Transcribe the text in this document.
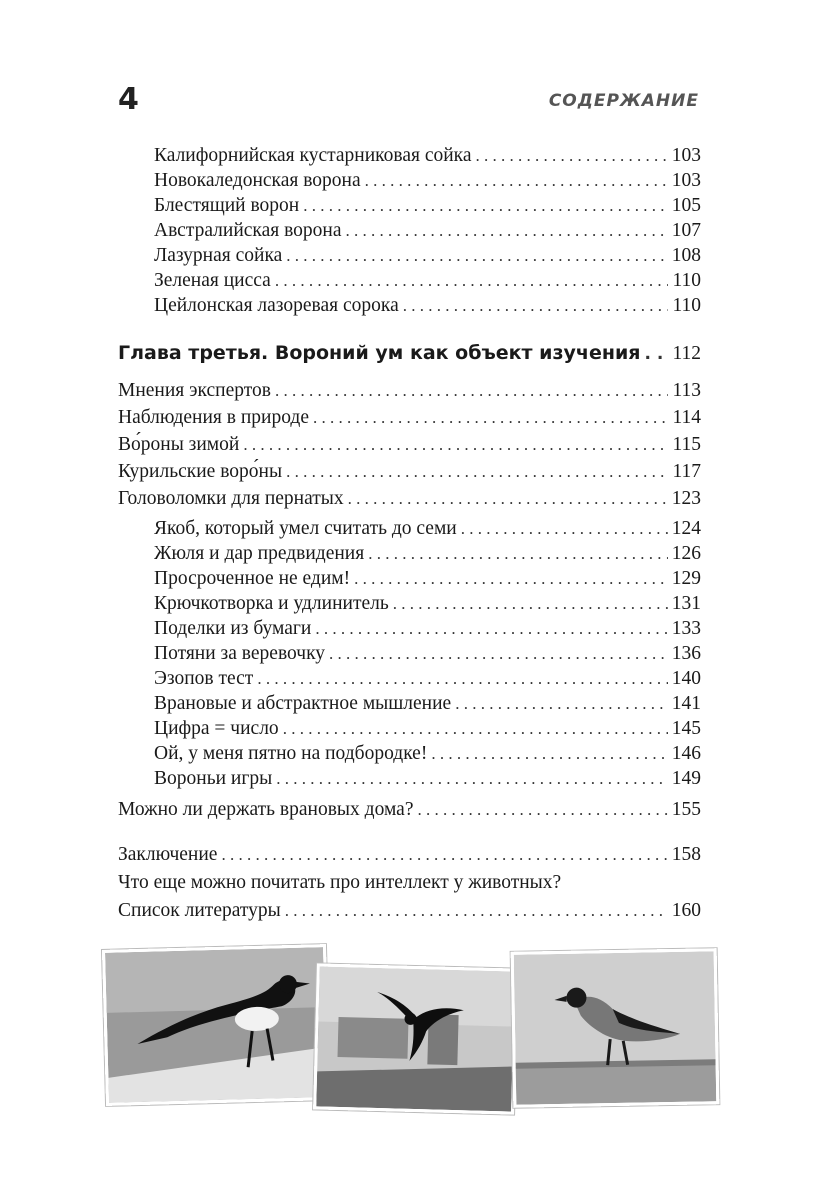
4	СОДЕРЖАНИЕ
Калифорнийская кустарниковая сойка . . .	103
Новокаледонская ворона . . .	103
Блестящий ворон . . .	105
Австралийская ворона . . .	107
Лазурная сойка . . .	108
Зеленая цисса . . .	110
Цейлонская лазоревая сорока . . .	110
Глава третья. Вороний ум как объект изучения . . . 112
Мнения экспертов . . .	113
Наблюдения в природе . . .	114
Во́роны зимой . . .	115
Курильские воро́ны . . .	117
Головоломки для пернатых . . .	123
Якоб, который умел считать до семи . . .	124
Жюля и дар предвидения . . .	126
Просроченное не едим! . . .	129
Крючкотворка и удлинитель . . .	131
Поделки из бумаги . . .	133
Потяни за веревочку . . .	136
Эзопов тест . . .	140
Врановые и абстрактное мышление . . .	141
Цифра = число . . .	145
Ой, у меня пятно на подбородке! . . .	146
Вороньи игры . . .	149
Можно ли держать врановых дома? . . .	155
Заключение . . .	158
Что еще можно почитать про интеллект у животных?
Список литературы . . .	160
